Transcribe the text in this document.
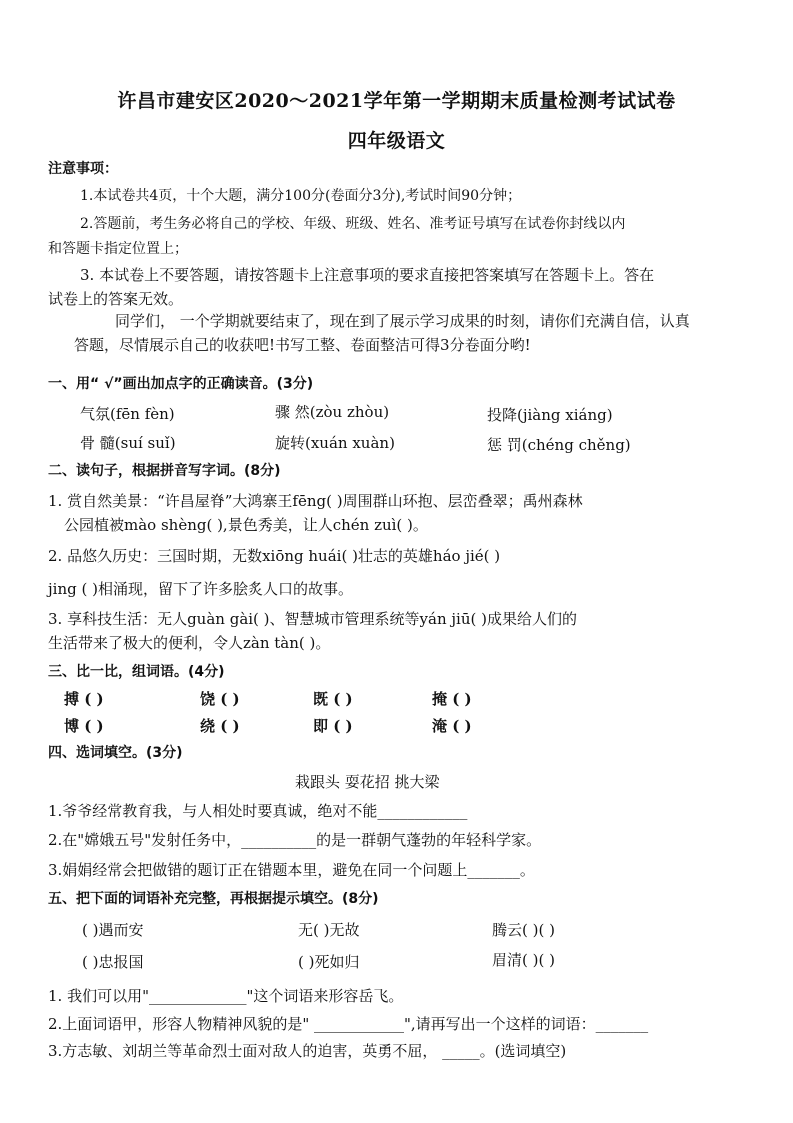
许昌市建安区2020～2021学年第一学期期末质量检测考试试卷
四年级语文
注意事项：
1.本试卷共4页，十个大题，满分100分(卷面分3分),考试时间90分钟；
2.答题前，考生务必将自己的学校、年级、班级、姓名、准考证号填写在试卷你封线以内
和答题卡指定位置上；
3. 本试卷上不要答题，请按答题卡上注意事项的要求直接把答案填写在答题卡上。答在
试卷上的答案无效。
同学们， 一个学期就要结束了，现在到了展示学习成果的时刻，请你们充满自信，认真
答题，尽情展示自己的收获吧!书写工整、卷面整洁可得3分卷面分哟!
一、用“ √”画出加点字的正确读音。(3分)
气氛(fēn fèn)	骤 然(zòu zhòu)	投降(jiàng xiáng)
骨 髓(suí suǐ)	旋转(xuán xuàn)	惩 罚(chéng chěng)
二、读句子，根据拼音写字词。(8分)
1. 赏自然美景：“许昌屋脊”大鸿寨王fēng( )周围群山环抱、层峦叠翠；禹州森林
公园植被mào shèng( ),景色秀美，让人chén zuì( )。
2. 品悠久历史：三国时期，无数xiōng huái( )壮志的英雄háo jié( )
jing ( )相涌现，留下了许多脍炙人口的故事。
3. 享科技生活：无人guàn gài( )、智慧城市管理系统等yán jiū( )成果给人们的
生活带来了极大的便利，令人zàn tàn( )。
三、比一比，组词语。(4分)
搏 ( )	饶 ( )	既 ( )	掩 ( )
博 ( )	绕 ( )	即 ( )	淹 ( )
四、选词填空。(3分)
栽跟头 耍花招 挑大梁
1.爷爷经常教育我，与人相处时要真诚，绝对不能____________
2.在"嫦娥五号"发射任务中，__________的是一群朝气蓬勃的年轻科学家。
3.娟娟经常会把做错的题订正在错题本里，避免在同一个问题上_______。
五、把下面的词语补充完整，再根据提示填空。(8分)
( )遇而安	无( )无故	腾云( )( )
( )忠报国	( )死如归	眉清( )( )
1. 我们可以用"_____________"这个词语来形容岳飞。
2.上面词语甲，形容人物精神风貌的是" ____________",请再写出一个这样的词语：_______
3.方志敏、刘胡兰等革命烈士面对敌人的迫害，英勇不屈， _____。(选词填空)
